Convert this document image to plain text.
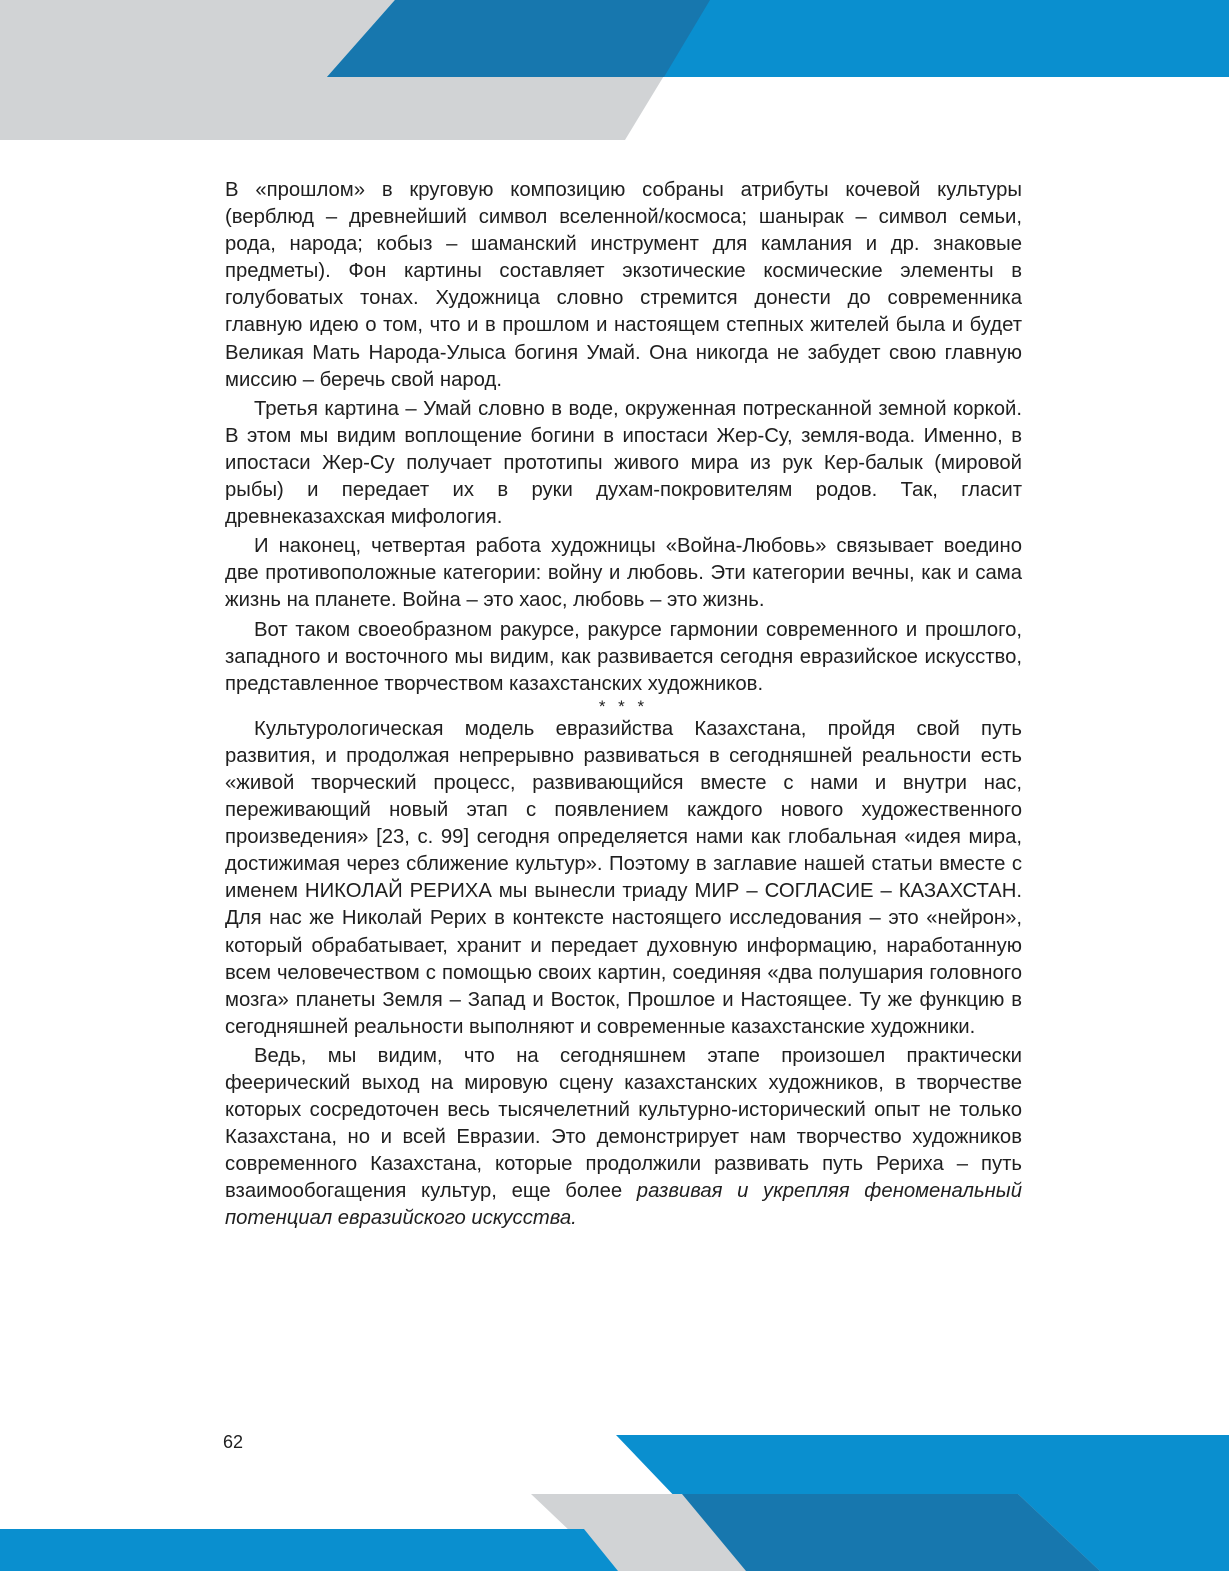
В «прошлом» в круговую композицию собраны атрибуты кочевой культуры (верблюд – древнейший символ вселенной/космоса; шанырак – символ семьи, рода, народа; кобыз – шаманский инструмент для камлания и др. знаковые предметы). Фон картины составляет экзотические космические элементы в голубоватых тонах. Художница словно стремится донести до современника главную идею о том, что и в прошлом и настоящем степных жителей была и будет Великая Мать Народа-Улыса богиня Умай. Она никогда не забудет свою главную миссию – беречь свой народ.

Третья картина – Умай словно в воде, окруженная потресканной земной коркой. В этом мы видим воплощение богини в ипостаси Жер-Су, земля-вода. Именно, в ипостаси Жер-Су получает прототипы живого мира из рук Кер-балык (мировой рыбы) и передает их в руки духам-покровителям родов. Так, гласит древнеказахская мифология.

И наконец, четвертая работа художницы «Война-Любовь» связывает воедино две противоположные категории: войну и любовь. Эти категории вечны, как и сама жизнь на планете. Война – это хаос, любовь – это жизнь.

Вот таком своеобразном ракурсе, ракурсе гармонии современного и прошлого, западного и восточного мы видим, как развивается сегодня евразийское искусство, представленное творчеством казахстанских художников.

* * *

Культурологическая модель евразийства Казахстана, пройдя свой путь развития, и продолжая непрерывно развиваться в сегодняшней реальности есть «живой творческий процесс, развивающийся вместе с нами и внутри нас, переживающий новый этап с появлением каждого нового художественного произведения» [23, с. 99] сегодня определяется нами как глобальная «идея мира, достижимая через сближение культур». Поэтому в заглавие нашей статьи вместе с именем НИКОЛАЙ РЕРИХА мы вынесли триаду МИР – СОГЛАСИЕ – КАЗАХСТАН. Для нас же Николай Рерих в контексте настоящего исследования – это «нейрон», который обрабатывает, хранит и передает духовную информацию, наработанную всем человечеством с помощью своих картин, соединяя «два полушария головного мозга» планеты Земля – Запад и Восток, Прошлое и Настоящее. Ту же функцию в сегодняшней реальности выполняют и современные казахстанские художники.

Ведь, мы видим, что на сегодняшнем этапе произошел практически феерический выход на мировую сцену казахстанских художников, в творчестве которых сосредоточен весь тысячелетний культурно-исторический опыт не только Казахстана, но и всей Евразии. Это демонстрирует нам творчество художников современного Казахстана, которые продолжили развивать путь Рериха – путь взаимообогащения культур, еще более развивая и укрепляя феноменальный потенциал евразийского искусства.

62
